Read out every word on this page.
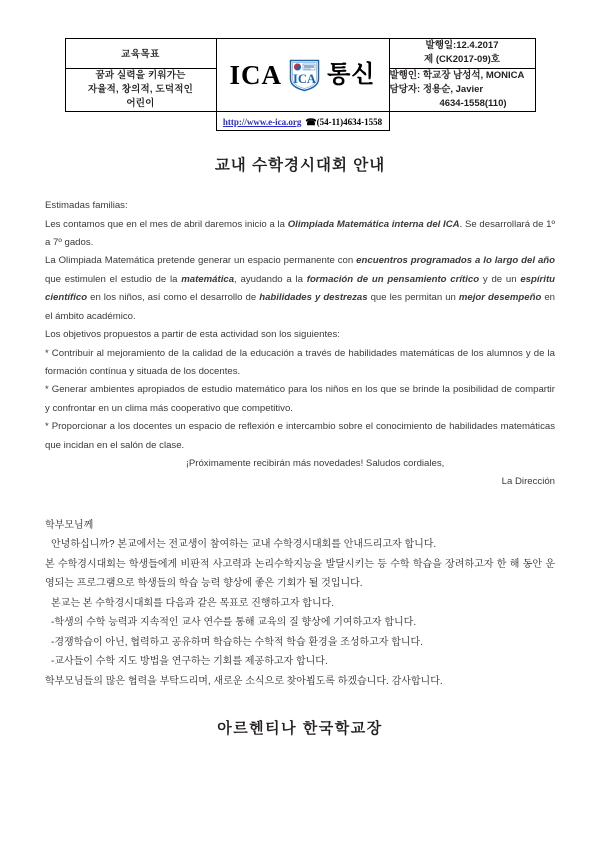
교육목표	
ICA ICA 통신

발행일:12.4.2017
제 (CK2017-09)호

꿈과 실력을 키워가는
자율적, 창의적, 도덕적인
어린이

발행인: 학교장 남성석, MONICA
담당자: 정용순, Javier
4634-1558(110)

	http://www.e-ica.org ☎(54-11)4634-1558	
교내 수학경시대회 안내

Estimadas familias:

Les contamos que en el mes de abril daremos inicio a la Olimpiada Matemática interna del ICA. Se desarrollará de 1º a 7º gados.

La Olimpiada Matemática pretende generar un espacio permanente con encuentros programados a lo largo del año que estimulen el estudio de la matemática, ayudando a la formación de un pensamiento crítico y de un espíritu científico en los niños, así como el desarrollo de habilidades y destrezas que les permitan un mejor desempeño en el ámbito académico.

Los objetivos propuestos a partir de esta actividad son los siguientes:

* Contribuir al mejoramiento de la calidad de la educación a través de habilidades matemáticas de los alumnos y de la formación contínua y situada de los docentes.

* Generar ambientes apropiados de estudio matemático para los niños en los que se brinde la posibilidad de compartir y confrontar en un clima más cooperativo que competitivo.

* Proporcionar a los docentes un espacio de reflexión e intercambio sobre el conocimiento de habilidades matemáticas que incidan en el salón de clase.

¡Próximamente recibirán más novedades! Saludos cordiales,

La Dirección

학부모님께

안녕하십니까? 본교에서는 전교생이 참여하는 교내 수학경시대회를 안내드리고자 합니다.

본 수학경시대회는 학생들에게 비판적 사고력과 논리수학지능을 발달시키는 등 수학 학습을 장려하고자 한 해 동안 운영되는 프로그램으로 학생들의 학습 능력 향상에 좋은 기회가 될 것입니다.

본교는 본 수학경시대회를 다음과 같은 목표로 진행하고자 합니다.

-학생의 수학 능력과 지속적인 교사 연수를 통해 교육의 질 향상에 기여하고자 합니다.

-경쟁학습이 아닌, 협력하고 공유하며 학습하는 수학적 학습 환경을 조성하고자 합니다.

-교사들이 수학 지도 방법을 연구하는 기회를 제공하고자 합니다.

학부모님들의 많은 협력을 부탁드리며, 새로운 소식으로 찾아뵙도록 하겠습니다. 감사합니다.

아르헨티나 한국학교장
